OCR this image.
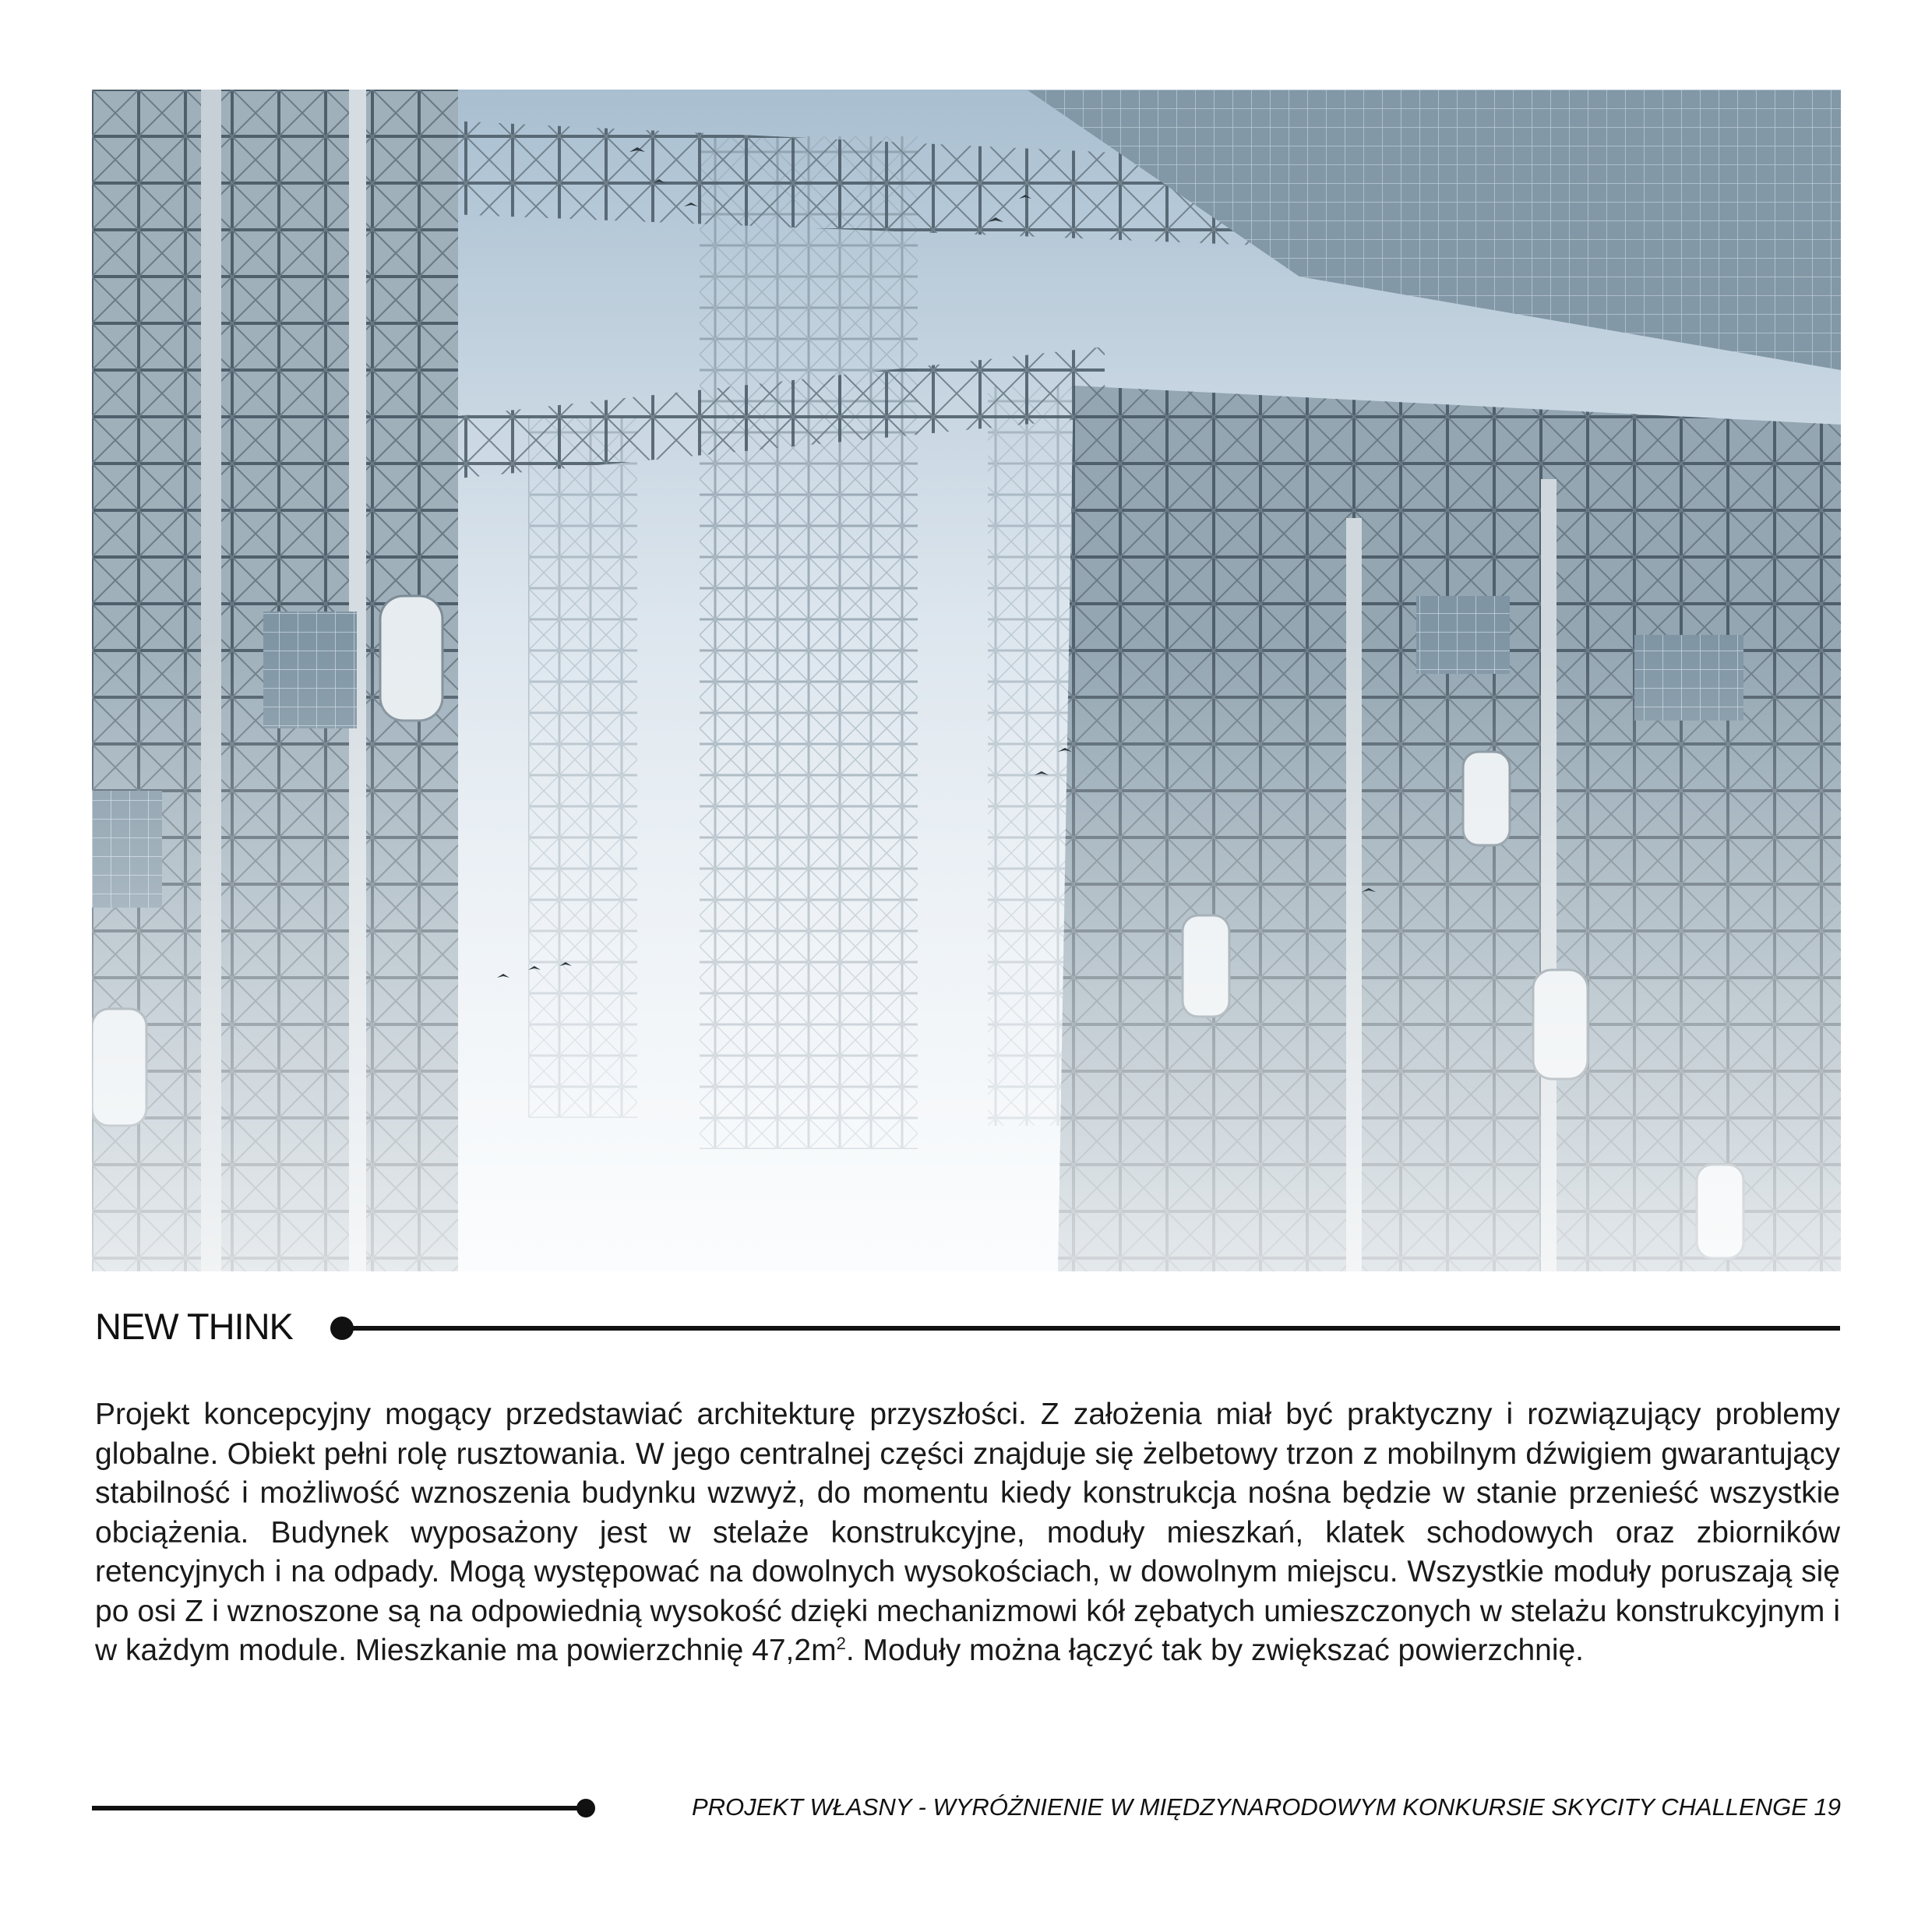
NEW THINK

Projekt koncepcyjny mogący przedstawiać architekturę przyszłości. Z założenia miał być praktyczny i rozwiązujący problemy globalne. Obiekt pełni rolę rusztowania. W jego centralnej części znajduje się żelbetowy trzon z mobilnym dźwigiem gwarantujący stabilność i możliwość wznoszenia budynku wzwyż, do momentu kiedy konstrukcja nośna będzie w stanie przenieść wszystkie obciążenia. Budynek wyposażony jest w stelaże konstrukcyjne, moduły mieszkań, klatek schodowych oraz zbiorników retencyjnych i na odpady. Mogą występować na dowolnych wysokościach, w dowolnym miejscu. Wszystkie moduły poruszają się po osi Z i wznoszone są na odpowiednią wysokość dzięki mechanizmowi kół zębatych umieszczonych w stelażu konstrukcyjnym i w każdym module. Mieszkanie ma powierzchnię $47,2m^2$. Moduły można łączyć tak by zwiększać powierzchnię.

PROJEKT WŁASNY - WYRÓŻNIENIE W MIĘDZYNARODOWYM KONKURSIE SKYCITY CHALLENGE 19
